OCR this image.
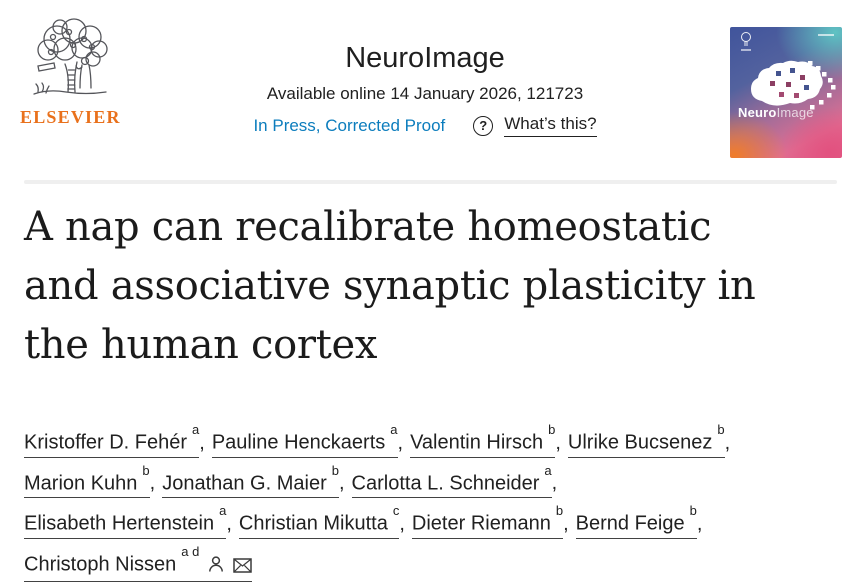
ELSEVIER
NeuroImage
Available online 14 January 2026, 121723
In Press, Corrected Proof	? What’s this?
NeuroImage
A nap can recalibrate homeostatic
and associative synaptic plasticity in
the human cortex
Kristoffer D. Fehér$^a$, Pauline Henckaerts$^a$, Valentin Hirsch$^b$, Ulrike Bucsenez$^b$,
Marion Kuhn$^b$, Jonathan G. Maier$^b$, Carlotta L. Schneider$^a$,
Elisabeth Hertenstein$^a$, Christian Mikutta$^c$, Dieter Riemann$^b$, Bernd Feige$^b$,
Christoph Nissen$^{a d}$
